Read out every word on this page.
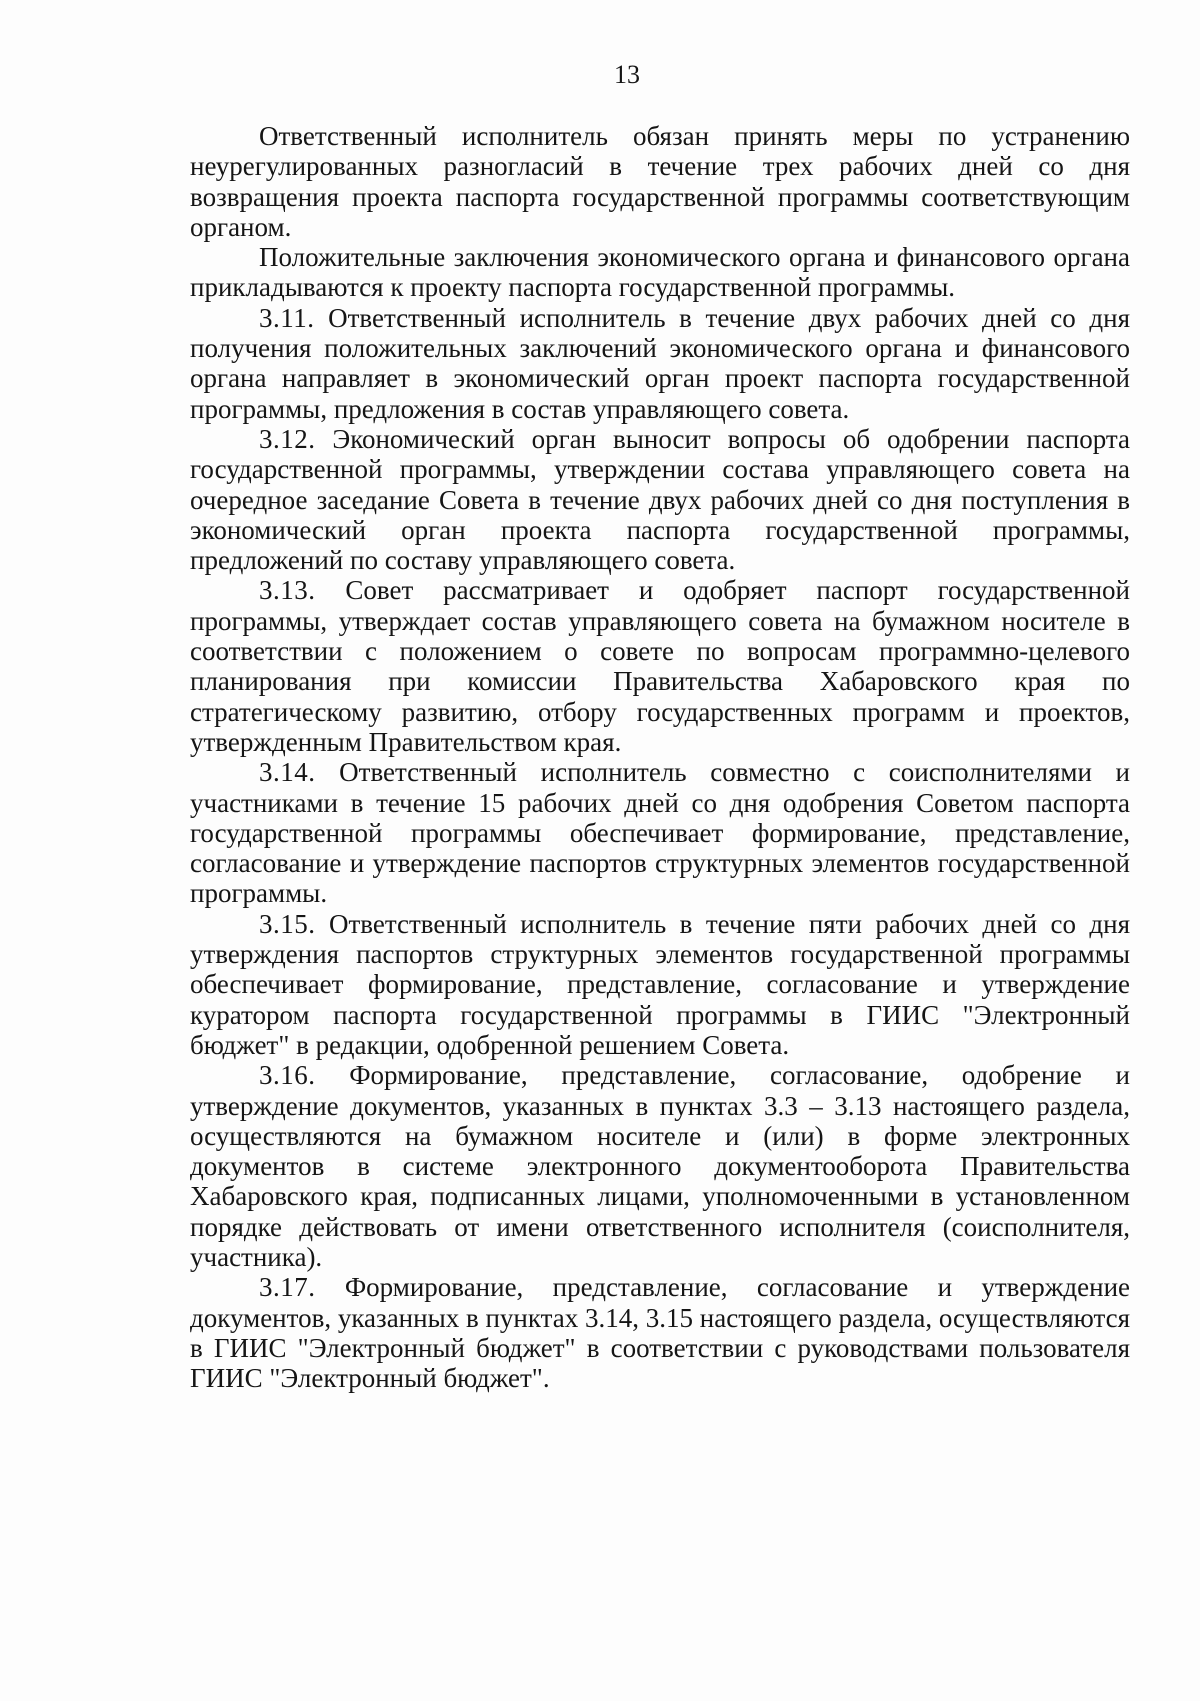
13

Ответственный исполнитель обязан принять меры по устранению неурегулированных разногласий в течение трех рабочих дней со дня возвращения проекта паспорта государственной программы соответствующим органом.

Положительные заключения экономического органа и финансового органа прикладываются к проекту паспорта государственной программы.

3.11. Ответственный исполнитель в течение двух рабочих дней со дня получения положительных заключений экономического органа и финансового органа направляет в экономический орган проект паспорта государственной программы, предложения в состав управляющего совета.

3.12. Экономический орган выносит вопросы об одобрении паспорта государственной программы, утверждении состава управляющего совета на очередное заседание Совета в течение двух рабочих дней со дня поступления в экономический орган проекта паспорта государственной программы, предложений по составу управляющего совета.

3.13. Совет рассматривает и одобряет паспорт государственной программы, утверждает состав управляющего совета на бумажном носителе в соответствии с положением о совете по вопросам программно-целевого планирования при комиссии Правительства Хабаровского края по стратегическому развитию, отбору государственных программ и проектов, утвержденным Правительством края.

3.14. Ответственный исполнитель совместно с соисполнителями и участниками в течение 15 рабочих дней со дня одобрения Советом паспорта государственной программы обеспечивает формирование, представление, согласование и утверждение паспортов структурных элементов государственной программы.

3.15. Ответственный исполнитель в течение пяти рабочих дней со дня утверждения паспортов структурных элементов государственной программы обеспечивает формирование, представление, согласование и утверждение куратором паспорта государственной программы в ГИИС "Электронный бюджет" в редакции, одобренной решением Совета.

3.16. Формирование, представление, согласование, одобрение и утверждение документов, указанных в пунктах 3.3 – 3.13 настоящего раздела, осуществляются на бумажном носителе и (или) в форме электронных документов в системе электронного документооборота Правительства Хабаровского края, подписанных лицами, уполномоченными в установленном порядке действовать от имени ответственного исполнителя (соисполнителя, участника).

3.17. Формирование, представление, согласование и утверждение документов, указанных в пунктах 3.14, 3.15 настоящего раздела, осуществляются в ГИИС "Электронный бюджет" в соответствии с руководствами пользователя ГИИС "Электронный бюджет".
